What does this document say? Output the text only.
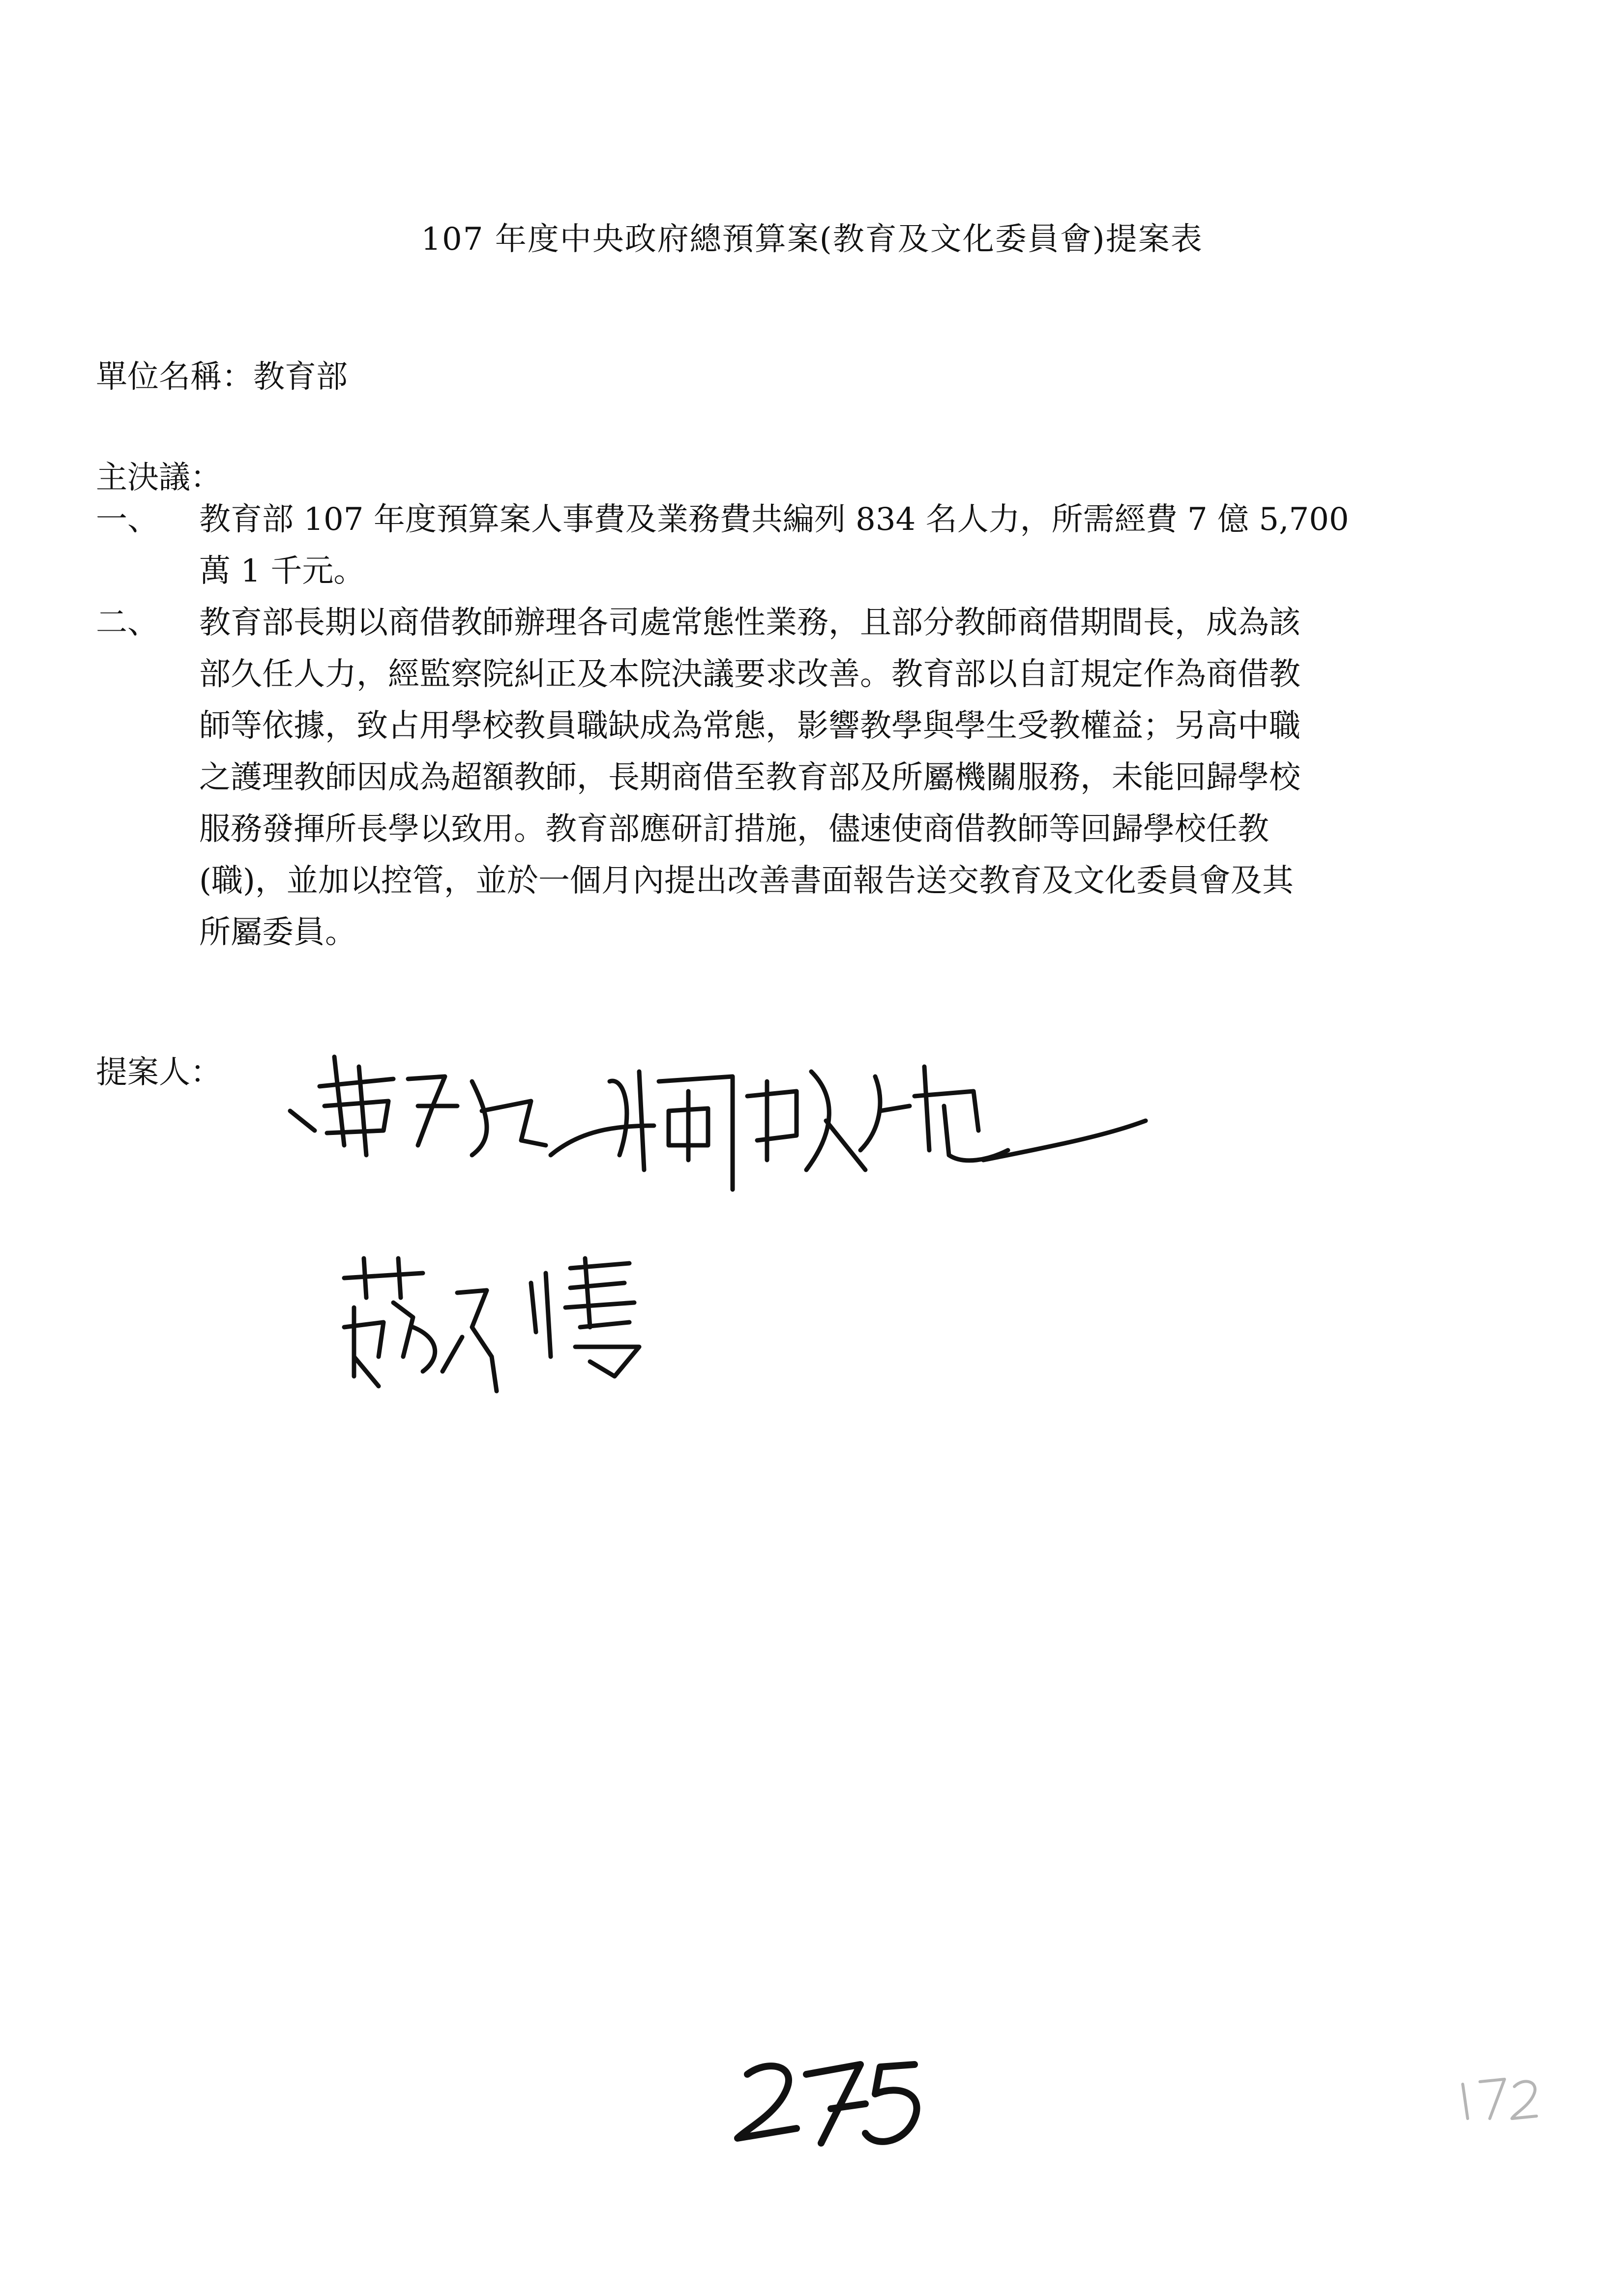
107 年度中央政府總預算案(教育及文化委員會)提案表
單位名稱：教育部
主決議：
一、	教育部 107 年度預算案人事費及業務費共編列 834 名人力，所需經費 7 億 5,700
萬 1 千元。
二、	教育部長期以商借教師辦理各司處常態性業務，且部分教師商借期間長，成為該
部久任人力，經監察院糾正及本院決議要求改善。教育部以自訂規定作為商借教
師等依據，致占用學校教員職缺成為常態，影響教學與學生受教權益；另高中職
之護理教師因成為超額教師，長期商借至教育部及所屬機關服務，未能回歸學校
服務發揮所長學以致用。教育部應研訂措施，儘速使商借教師等回歸學校任教
(職)，並加以控管，並於一個月內提出改善書面報告送交教育及文化委員會及其
所屬委員。
提案人：
